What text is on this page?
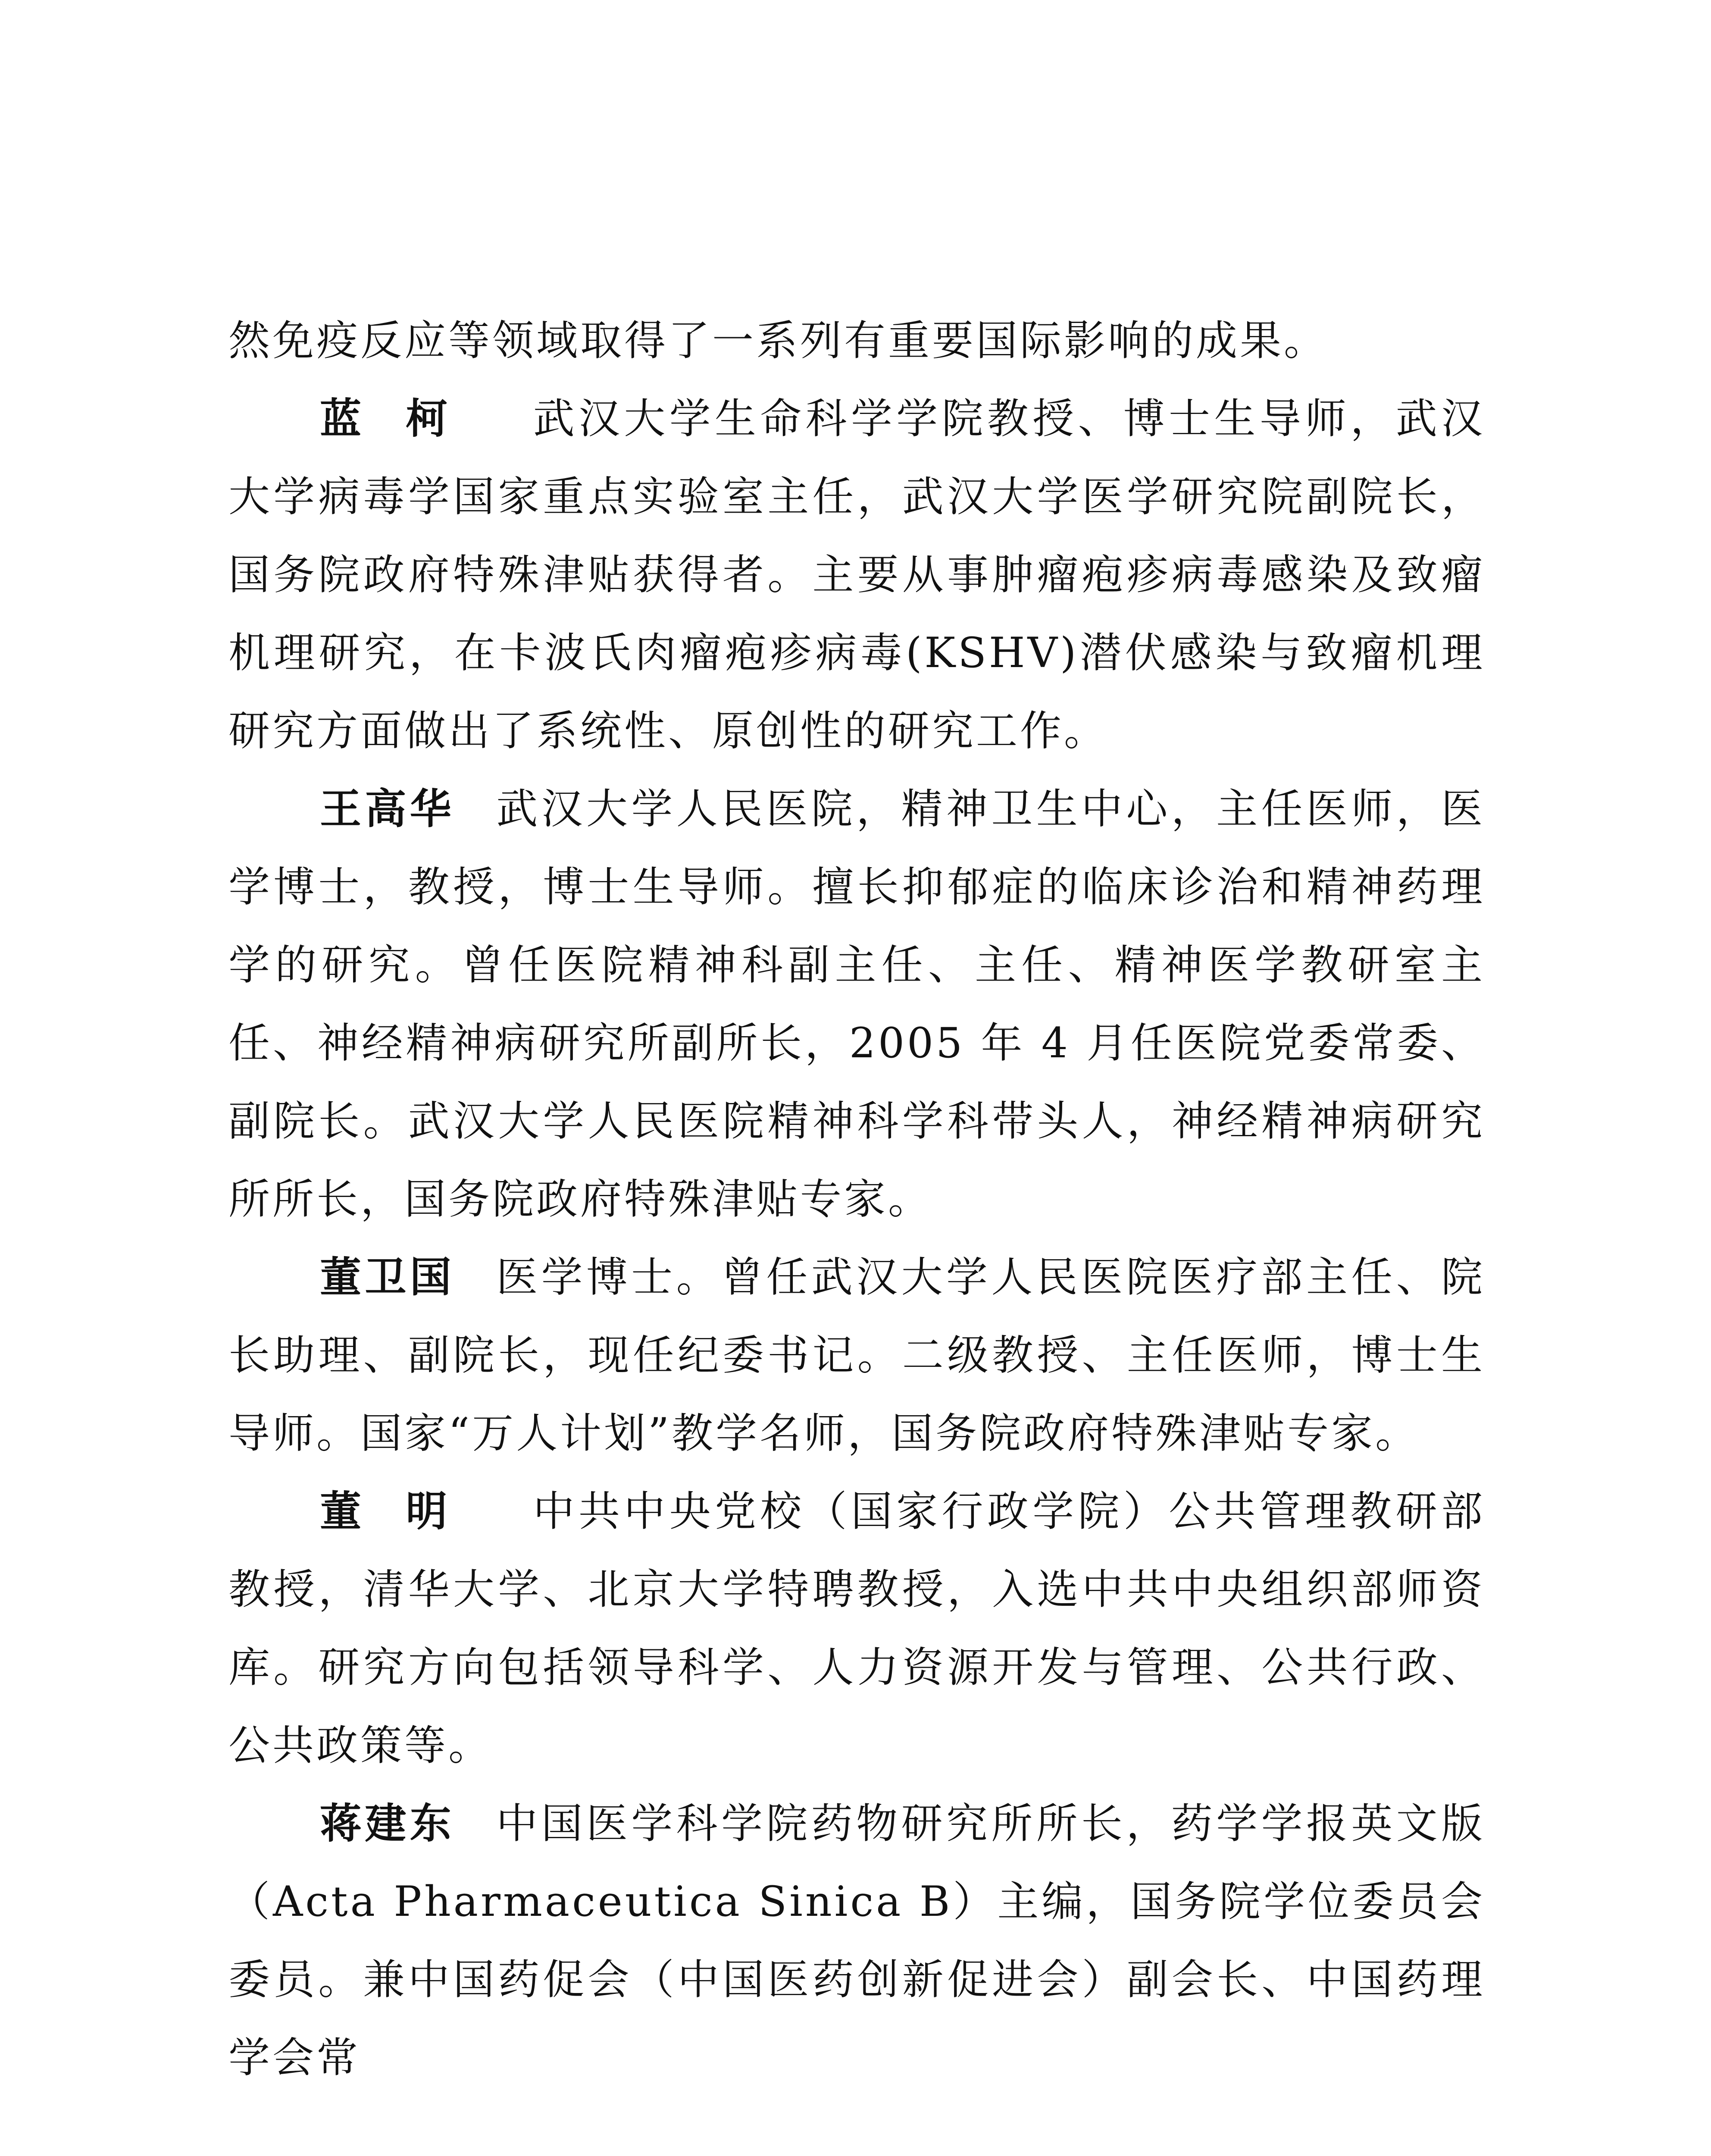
然免疫反应等领域取得了一系列有重要国际影响的成果。

蓝柯 武汉大学生命科学学院教授、博士生导师，武汉大学病毒学国家重点实验室主任，武汉大学医学研究院副院长，国务院政府特殊津贴获得者。主要从事肿瘤疱疹病毒感染及致瘤机理研究，在卡波氏肉瘤疱疹病毒(KSHV)潜伏感染与致瘤机理研究方面做出了系统性、原创性的研究工作。

王高华 武汉大学人民医院，精神卫生中心，主任医师，医学博士，教授，博士生导师。擅长抑郁症的临床诊治和精神药理学的研究。曾任医院精神科副主任、主任、精神医学教研室主任、神经精神病研究所副所长，2005 年 4 月任医院党委常委、副院长。武汉大学人民医院精神科学科带头人，神经精神病研究所所长，国务院政府特殊津贴专家。

董卫国 医学博士。曾任武汉大学人民医院医疗部主任、院长助理、副院长，现任纪委书记。二级教授、主任医师，博士生导师。国家“万人计划”教学名师，国务院政府特殊津贴专家。

董明 中共中央党校（国家行政学院）公共管理教研部教授，清华大学、北京大学特聘教授，入选中共中央组织部师资库。研究方向包括领导科学、人力资源开发与管理、公共行政、公共政策等。

蒋建东 中国医学科学院药物研究所所长，药学学报英文版（Acta Pharmaceutica Sinica B）主编，国务院学位委员会委员。兼中国药促会（中国医药创新促进会）副会长、中国药理学会常
